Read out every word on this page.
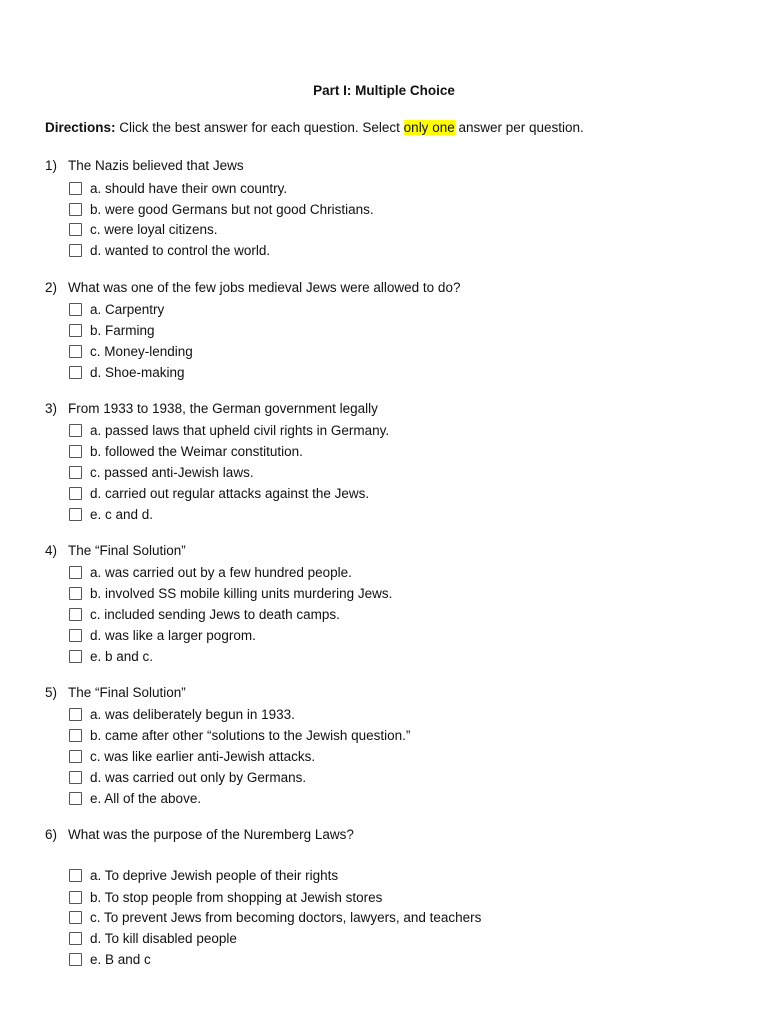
Part I: Multiple Choice
Directions: Click the best answer for each question. Select only one answer per question.
1) The Nazis believed that Jews
a. should have their own country.
b. were good Germans but not good Christians.
c. were loyal citizens.
d. wanted to control the world.
2) What was one of the few jobs medieval Jews were allowed to do?
a. Carpentry
b. Farming
c. Money-lending
d. Shoe-making
3) From 1933 to 1938, the German government legally
a. passed laws that upheld civil rights in Germany.
b. followed the Weimar constitution.
c. passed anti-Jewish laws.
d. carried out regular attacks against the Jews.
e. c and d.
4) The “Final Solution”
a. was carried out by a few hundred people.
b. involved SS mobile killing units murdering Jews.
c. included sending Jews to death camps.
d. was like a larger pogrom.
e. b and c.
5) The “Final Solution”
a. was deliberately begun in 1933.
b. came after other “solutions to the Jewish question.”
c. was like earlier anti-Jewish attacks.
d. was carried out only by Germans.
e. All of the above.
6) What was the purpose of the Nuremberg Laws?
a. To deprive Jewish people of their rights
b. To stop people from shopping at Jewish stores
c. To prevent Jews from becoming doctors, lawyers, and teachers
d. To kill disabled people
e. B and c
